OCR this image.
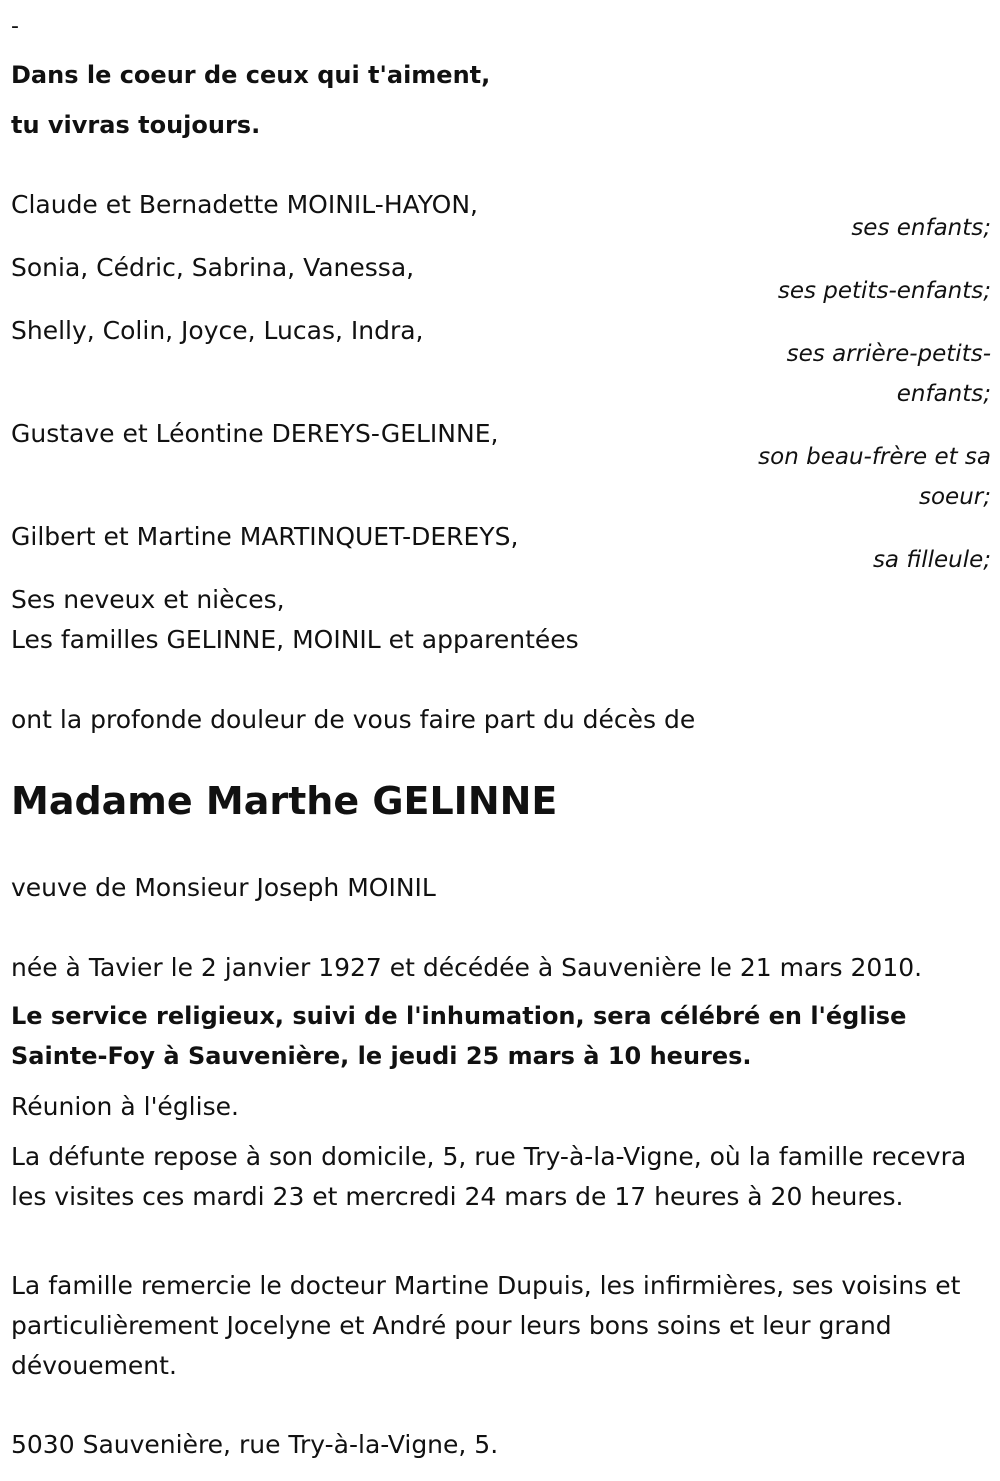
-
Dans le coeur de ceux qui t'aiment,
tu vivras toujours.
Claude et Bernadette MOINIL-HAYON,
ses enfants;
Sonia, Cédric, Sabrina, Vanessa,
ses petits-enfants;
Shelly, Colin, Joyce, Lucas, Indra,
ses arrière-petits-enfants;
Gustave et Léontine DEREYS-GELINNE,
son beau-frère et sa soeur;
Gilbert et Martine MARTINQUET-DEREYS,
sa filleule;
Ses neveux et nièces,
Les familles GELINNE, MOINIL et apparentées
ont la profonde douleur de vous faire part du décès de
Madame Marthe GELINNE
veuve de Monsieur Joseph MOINIL
née à Tavier le 2 janvier 1927 et décédée à Sauvenière le 21 mars 2010.
Le service religieux, suivi de l'inhumation, sera célébré en l'église Sainte-Foy à Sauvenière, le jeudi 25 mars à 10 heures.
Réunion à l'église.
La défunte repose à son domicile, 5, rue Try-à-la-Vigne, où la famille recevra les visites ces mardi 23 et mercredi 24 mars de 17 heures à 20 heures.
La famille remercie le docteur Martine Dupuis, les infirmières, ses voisins et particulièrement Jocelyne et André pour leurs bons soins et leur grand dévouement.
5030 Sauvenière, rue Try-à-la-Vigne, 5.
